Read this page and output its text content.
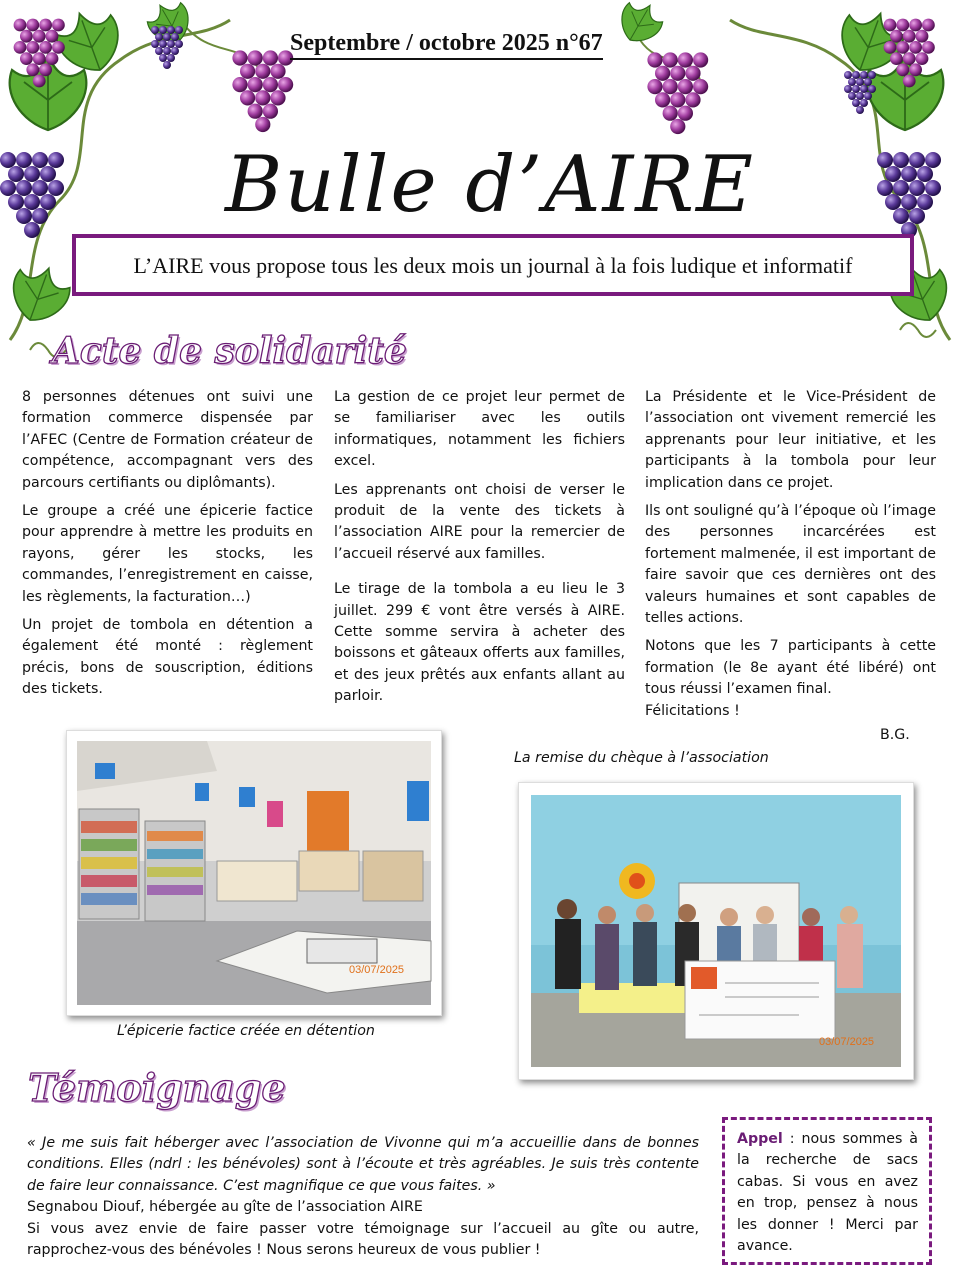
Septembre / octobre 2025 n°67
Bulle d’AIRE
L’AIRE vous propose tous les deux mois un journal à la fois ludique et informatif
Acte de solidarité

8 personnes détenues ont suivi une formation commerce dispensée par l’AFEC (Centre de Formation créateur de compétence, accompagnant vers des parcours certifiants ou diplômants).

Le groupe a créé une épicerie factice pour apprendre à mettre les produits en rayons, gérer les stocks, les commandes, l’enregistrement en caisse, les règlements, la facturation…)

Un projet de tombola en détention a également été monté : règlement précis, bons de souscription, éditions des tickets.

La gestion de ce projet leur permet de se familiariser avec les outils informatiques, notamment les fichiers excel.

Les apprenants ont choisi de verser le produit de la vente des tickets à l’association AIRE pour la remercier de l’accueil réservé aux familles.

Le tirage de la tombola a eu lieu le 3 juillet. 299 € vont être versés à AIRE. Cette somme servira à acheter des boissons et gâteaux offerts aux familles, et des jeux prêtés aux enfants allant au parloir.

La Présidente et le Vice-Président de l’association ont vivement remercié les apprenants pour leur initiative, et les participants à la tombola pour leur implication dans ce projet.

Ils ont souligné qu’à l’époque où l’image des personnes incarcérées est fortement malmenée, il est important de faire savoir que ces dernières ont des valeurs humaines et sont capables de telles actions.

Notons que les 7 participants à cette formation (le 8e ayant été libéré) ont tous réussi l’examen final.

Félicitations !

B.G.
03/07/2025
L’épicerie factice créée en détention
La remise du chèque à l’association
03/07/2025
Témoignage

« Je me suis fait héberger avec l’association de Vivonne qui m’a accueillie dans de bonnes conditions. Elles (ndrl : les bénévoles) sont à l’écoute et très agréables. Je suis très contente de faire leur connaissance. C’est magnifique ce que vous faites. »

Segnabou Diouf, hébergée au gîte de l’association AIRE

Si vous avez envie de faire passer votre témoignage sur l’accueil au gîte ou autre, rapprochez-vous des bénévoles ! Nous serons heureux de vous publier !

Appel : nous sommes à la recherche de sacs cabas. Si vous en avez en trop, pensez à nous les donner ! Merci par avance.
